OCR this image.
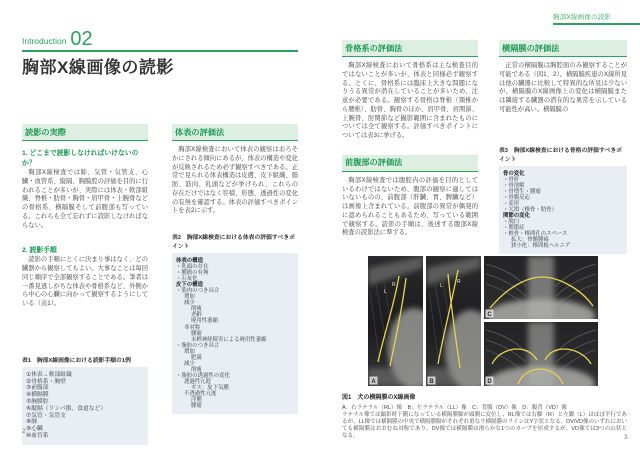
胸部X線画像の読影
Introduction 02
胸部X線画像の読影
読影の実際
1. どこまで読影しなければいけないのか？

胸部X線検査では肺、気管・気管支、心臓・血管系、縦隔、胸膜腔の評価を目的に行われることが多いが、実際には体表・軟部組織、脊椎・肋骨・胸骨・肩甲骨・上腕骨などの骨格系、横隔膜そして前腹部も写っている。これらも全て忘れずに読影しなければならない。

2. 読影手順

読影の手順にとくに決まり事はなく、どの臓器から観察してもよい。大事なことは毎回同じ順序で全部観察することである。筆者は一番見逃しがちな体表や骨格系など、外側から中心の心臓に向かって観察するようにしている（表1）。

表1　胸部X線画像における読影手順の1例
①体表→軟部組織
②骨格系・胸壁
③前腹部
④横隔膜
⑤胸膜腔
⑥縦隔（リンパ節、食道など）
⑦気管・気管支
⑧肺
⑨心臓
⑩血管系
体表の評価法

胸部X線検査において体表の観察はおろそかにされる傾向にあるが、体表の構造や変化が反映されるため必ず観察すべきである。正常で見られる体表構造は皮膚、皮下組織、脂肪、筋肉、乳頭などが挙げられ、これらの存在だけではなく容積、形態、透過性の変化の有無を確認する。体表の評価すべきポイントを表2に示す。

表2　胸部X線検査における体表の評価すべきポイント
体表の構造
・乳頭の存在
・腫瘤の有無
・石灰化
皮下の構造
・筋肉のつき具合
増加
減少
削痩
老齢
廃用性萎縮
非対称
腫瘤
末梢神経障害による廃用性萎縮
・脂肪のつき具合
増加
肥満
減少
削痩
・脂肪の透過性の変化
透過性亢進
ガス：皮下気腫
不透過性亢進
浮腫
腫瘤
骨格系の評価法

胸部X線検査において骨格系は主な検査目的ではないことが多いが、体表と同様必ず観察する。とくに、骨格系には臨床上大きな問題になりうる異常が潜在していることが多いため、注意が必要である。観察する骨格は脊椎（頸椎から腰椎）、肋骨、胸骨のほか、肩甲骨、肩関節、上腕骨、肘関節など撮影範囲に含まれたものについては全て観察する。評価すべきポイントについては表3に挙げる。

前腹部の評価法

胸部X線検査では腹腔内の評価を目的としているわけではないため、腹部の観察に適してはいないものの、前腹部（肝臓、胃、脾臓など）は画像上含まれている。前腹部の異常が偶発的に認められることもあるため、写っている範囲で観察する。読影の手順は、後述する腹部X線検査の読影法に準ずる。

横隔膜の評価法

正常の横隔膜は胸腔面のみ観察することが可能である（図1、2）。横隔膜疾患のX線所見は他の臓器に比較して特異的な所見は少ないが、横隔膜のX線画像上の変化は横隔膜または隣接する臓器の潜在的な異常を示している可能性が高い。横隔膜の

表3　胸部X線検査における骨格の評価すべきポイント
骨の変化
・骨折
・骨溶解
・骨増生・腫瘤
・骨膜反応
・変形
・欠損（椎骨・肋骨）
関節の変化
・脱臼
・関節症
・椎骨・椎間孔のスペース
拡大：脊髄腫瘍
狭小化：椎間板ヘルニア
R
L
A
L
R
B
C
D
図1　犬の横隔膜のX線画像
A：右ラテラル（RL）像　B：左ラテラル（LL）像　C：背腹（DV）像　D：腹背（VD）像
ラテラル像では撮影時下側になっている横隔膜脚が頭側に変位し、RL像では右脚（R）と左脚（L）はほぼ平行であるが、LL像では横隔膜の中央で横隔膜脚がそれぞれ重なり横隔膜のラインはY字状となる。DV/VD像のいずれにおいても横隔膜はおおむね対称であり、DV像では横隔膜は滑らかな1つのカーブを形成するが、VD像では3つの山状となる。
2
3
